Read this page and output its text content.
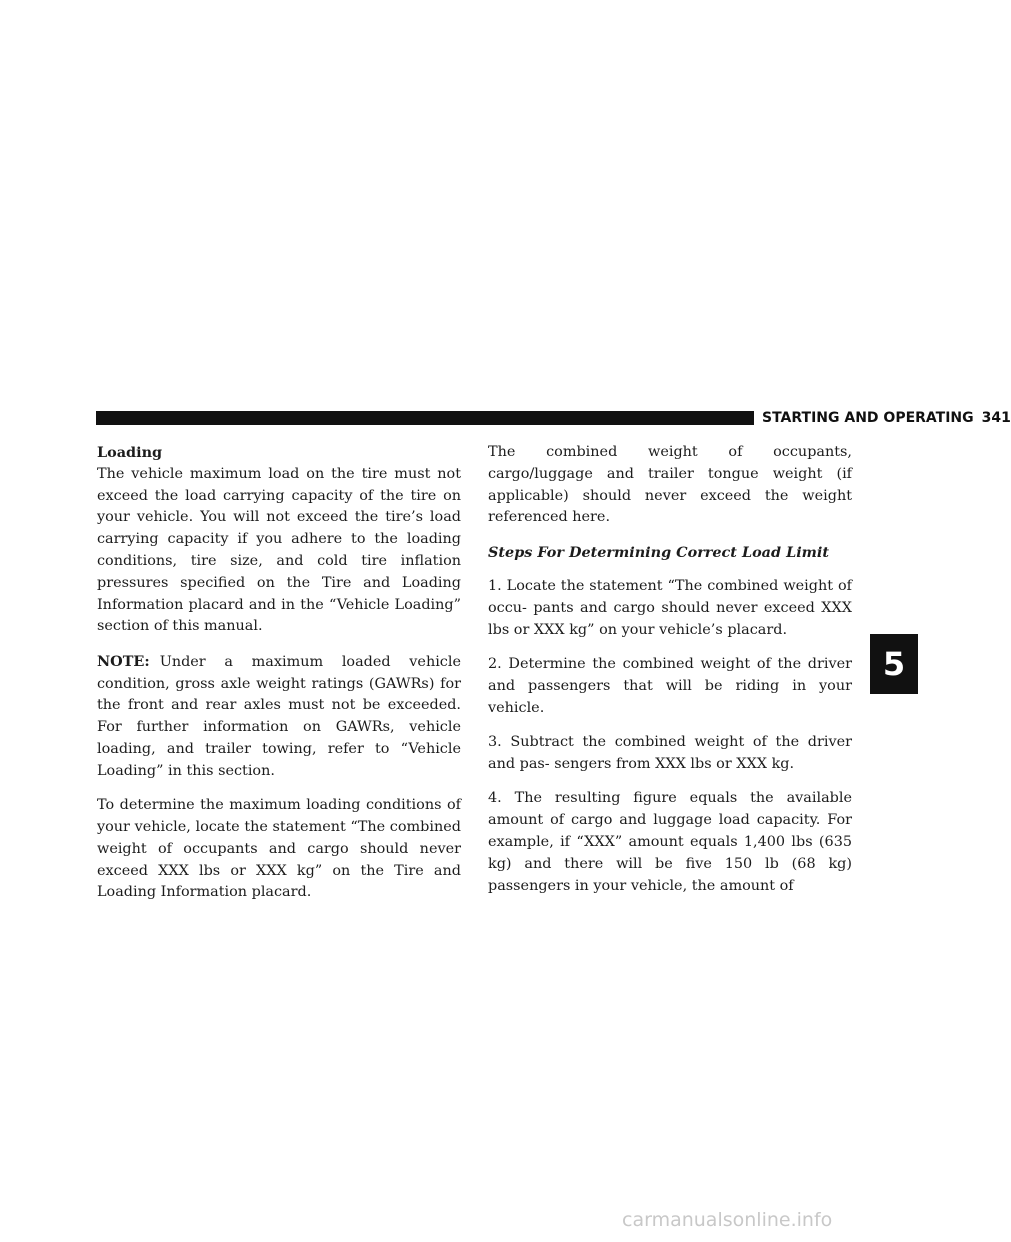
STARTING AND OPERATING 341
Loading

The vehicle maximum load on the tire must not exceed the load carrying capacity of the tire on your vehicle. You will not exceed the tire’s load carrying capacity if you adhere to the loading conditions, tire size, and cold tire inflation pressures specified on the Tire and Loading Information placard and in the “Vehicle Loading” section of this manual.

NOTE: Under a maximum loaded vehicle condition, gross axle weight ratings (GAWRs) for the front and rear axles must not be exceeded. For further information on GAWRs, vehicle loading, and trailer towing, refer to “Vehicle Loading” in this section.

To determine the maximum loading conditions of your vehicle, locate the statement “The combined weight of occupants and cargo should never exceed XXX lbs or XXX kg” on the Tire and Loading Information placard.

The combined weight of occupants, cargo/luggage and trailer tongue weight (if applicable) should never exceed the weight referenced here.

Steps For Determining Correct Load Limit

1. Locate the statement “The combined weight of occu- pants and cargo should never exceed XXX lbs or XXX kg” on your vehicle’s placard.

2. Determine the combined weight of the driver and passengers that will be riding in your vehicle.

3. Subtract the combined weight of the driver and pas- sengers from XXX lbs or XXX kg.

4. The resulting figure equals the available amount of cargo and luggage load capacity. For example, if “XXX” amount equals 1,400 lbs (635 kg) and there will be five 150 lb (68 kg) passengers in your vehicle, the amount of

5
carmanualsonline.info
